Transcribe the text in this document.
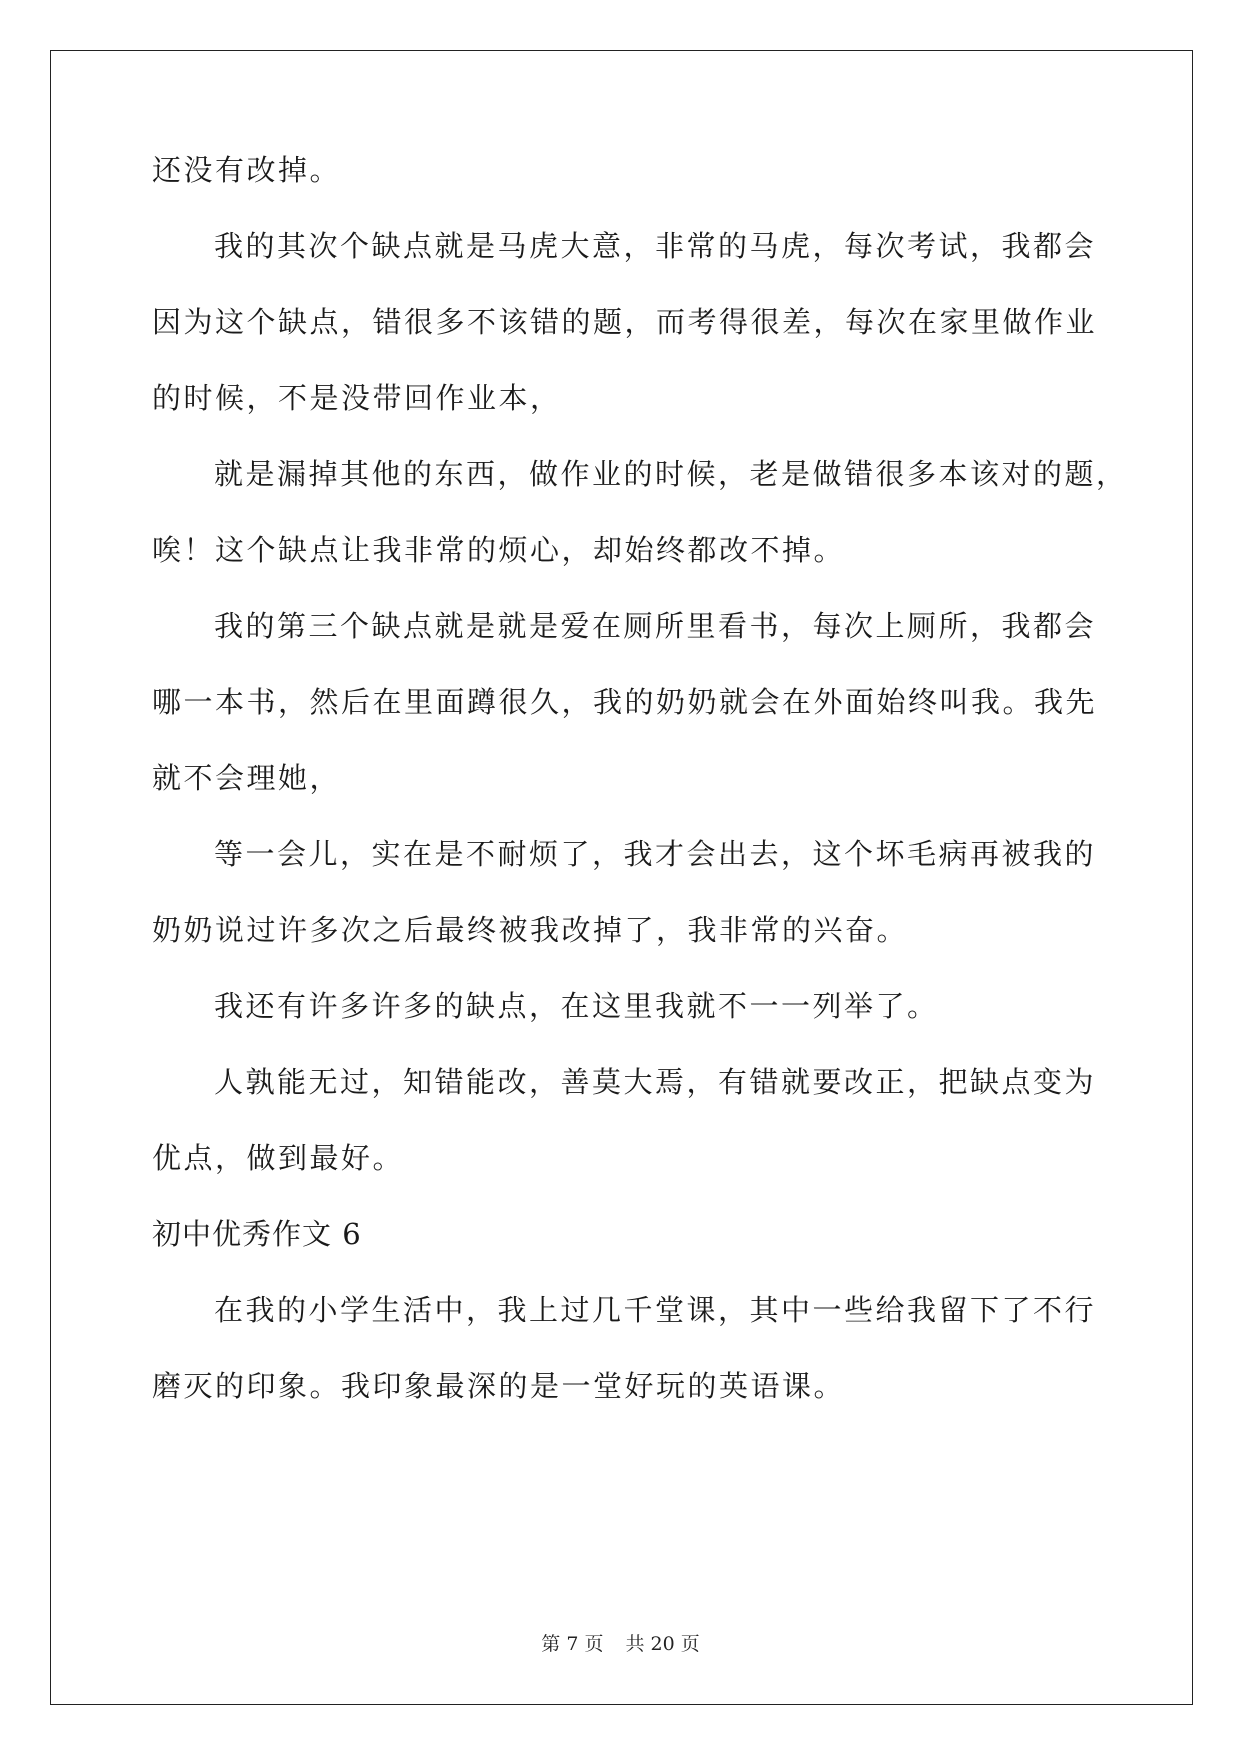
还没有改掉。
我的其次个缺点就是马虎大意，非常的马虎，每次考试，我都会
因为这个缺点，错很多不该错的题，而考得很差，每次在家里做作业
的时候，不是没带回作业本，
就是漏掉其他的东西，做作业的时候，老是做错很多本该对的题，
唉！这个缺点让我非常的烦心，却始终都改不掉。
我的第三个缺点就是就是爱在厕所里看书，每次上厕所，我都会
哪一本书，然后在里面蹲很久，我的奶奶就会在外面始终叫我。我先
就不会理她，
等一会儿，实在是不耐烦了，我才会出去，这个坏毛病再被我的
奶奶说过许多次之后最终被我改掉了，我非常的兴奋。
我还有许多许多的缺点，在这里我就不一一列举了。
人孰能无过，知错能改，善莫大焉，有错就要改正，把缺点变为
优点，做到最好。
初中优秀作文 6
在我的小学生活中，我上过几千堂课，其中一些给我留下了不行
磨灭的印象。我印象最深的是一堂好玩的英语课。
第 7 页 共 20 页
